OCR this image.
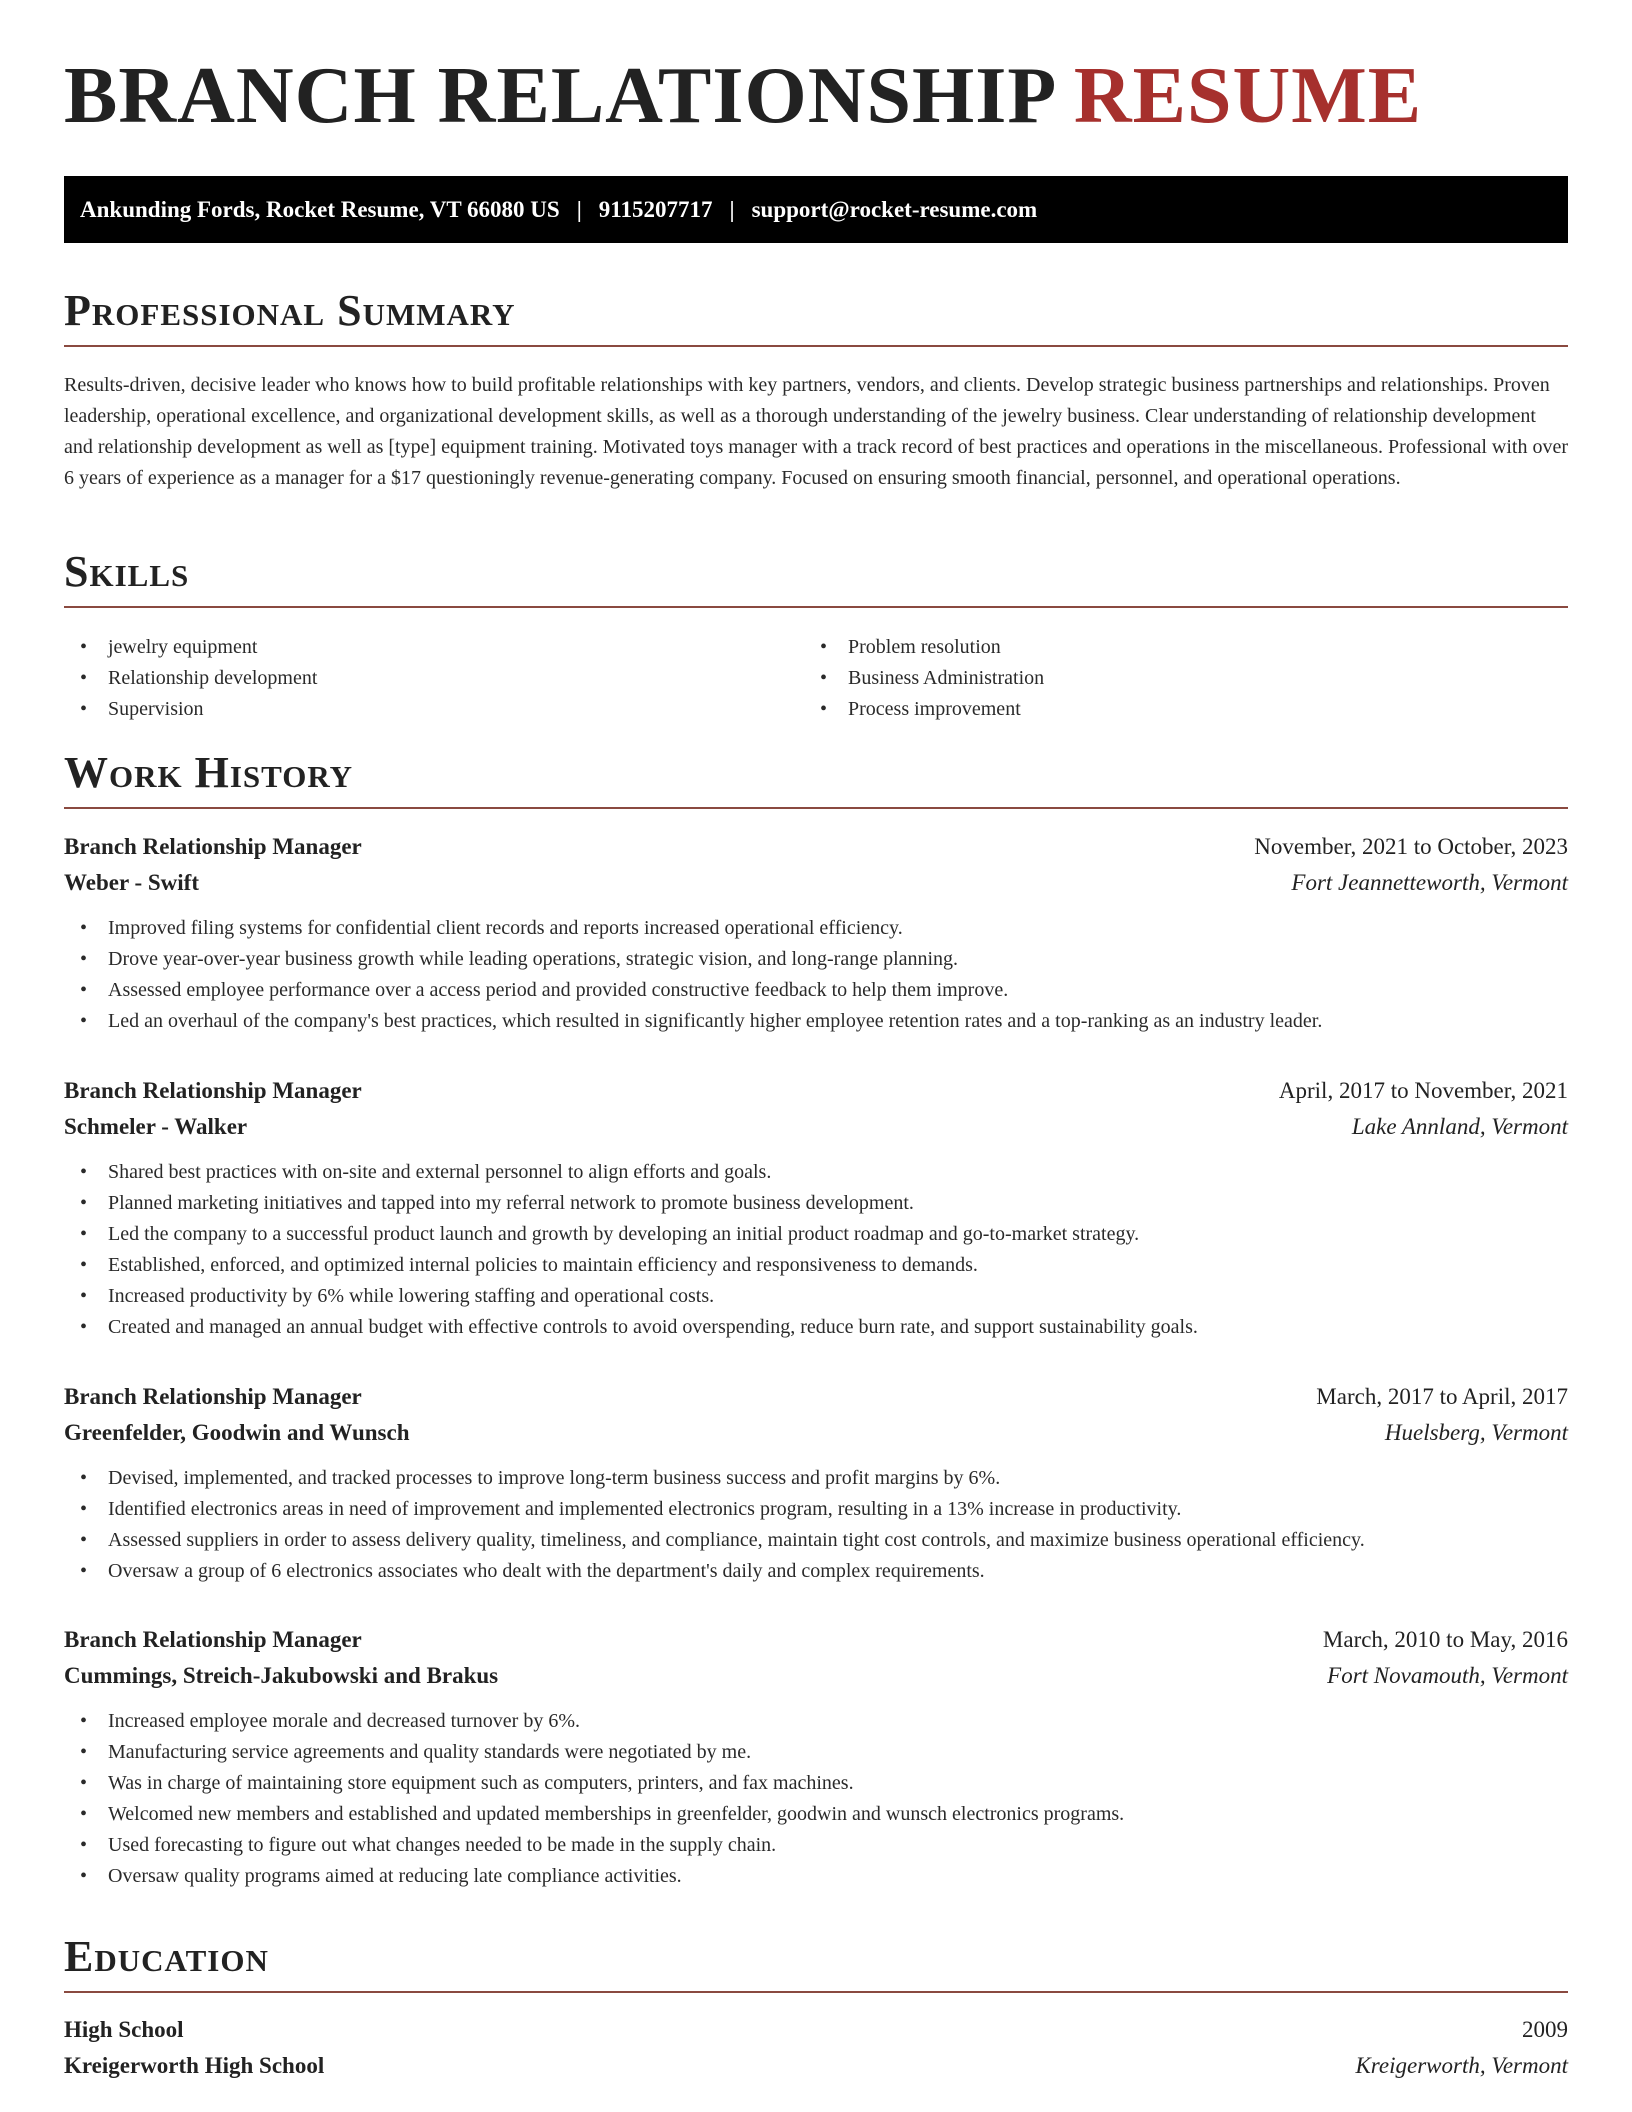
BRANCH RELATIONSHIP RESUME
Ankunding Fords, Rocket Resume, VT 66080 US | 9115207717 | support@rocket-resume.com
Professional Summary

Results-driven, decisive leader who knows how to build profitable relationships with key partners, vendors, and clients. Develop strategic business partnerships and relationships. Proven leadership, operational excellence, and organizational development skills, as well as a thorough understanding of the jewelry business. Clear understanding of relationship development and relationship development as well as [type] equipment training. Motivated toys manager with a track record of best practices and operations in the miscellaneous. Professional with over 6 years of experience as a manager for a $17 questioningly revenue-generating company. Focused on ensuring smooth financial, personnel, and operational operations.

Skills
• jewelry equipment
• Relationship development
• Supervision
• Problem resolution
• Business Administration
• Process improvement
Work History
Branch Relationship Manager	November, 2021 to October, 2023
Weber - Swift	Fort Jeannetteworth, Vermont
• Improved filing systems for confidential client records and reports increased operational efficiency.
• Drove year-over-year business growth while leading operations, strategic vision, and long-range planning.
• Assessed employee performance over a access period and provided constructive feedback to help them improve.
• Led an overhaul of the company's best practices, which resulted in significantly higher employee retention rates and a top-ranking as an industry leader.
Branch Relationship Manager	April, 2017 to November, 2021
Schmeler - Walker	Lake Annland, Vermont
• Shared best practices with on-site and external personnel to align efforts and goals.
• Planned marketing initiatives and tapped into my referral network to promote business development.
• Led the company to a successful product launch and growth by developing an initial product roadmap and go-to-market strategy.
• Established, enforced, and optimized internal policies to maintain efficiency and responsiveness to demands.
• Increased productivity by 6% while lowering staffing and operational costs.
• Created and managed an annual budget with effective controls to avoid overspending, reduce burn rate, and support sustainability goals.
Branch Relationship Manager	March, 2017 to April, 2017
Greenfelder, Goodwin and Wunsch	Huelsberg, Vermont
• Devised, implemented, and tracked processes to improve long-term business success and profit margins by 6%.
• Identified electronics areas in need of improvement and implemented electronics program, resulting in a 13% increase in productivity.
• Assessed suppliers in order to assess delivery quality, timeliness, and compliance, maintain tight cost controls, and maximize business operational efficiency.
• Oversaw a group of 6 electronics associates who dealt with the department's daily and complex requirements.
Branch Relationship Manager	March, 2010 to May, 2016
Cummings, Streich-Jakubowski and Brakus	Fort Novamouth, Vermont
• Increased employee morale and decreased turnover by 6%.
• Manufacturing service agreements and quality standards were negotiated by me.
• Was in charge of maintaining store equipment such as computers, printers, and fax machines.
• Welcomed new members and established and updated memberships in greenfelder, goodwin and wunsch electronics programs.
• Used forecasting to figure out what changes needed to be made in the supply chain.
• Oversaw quality programs aimed at reducing late compliance activities.
Education
High School	2009
Kreigerworth High School	Kreigerworth, Vermont
